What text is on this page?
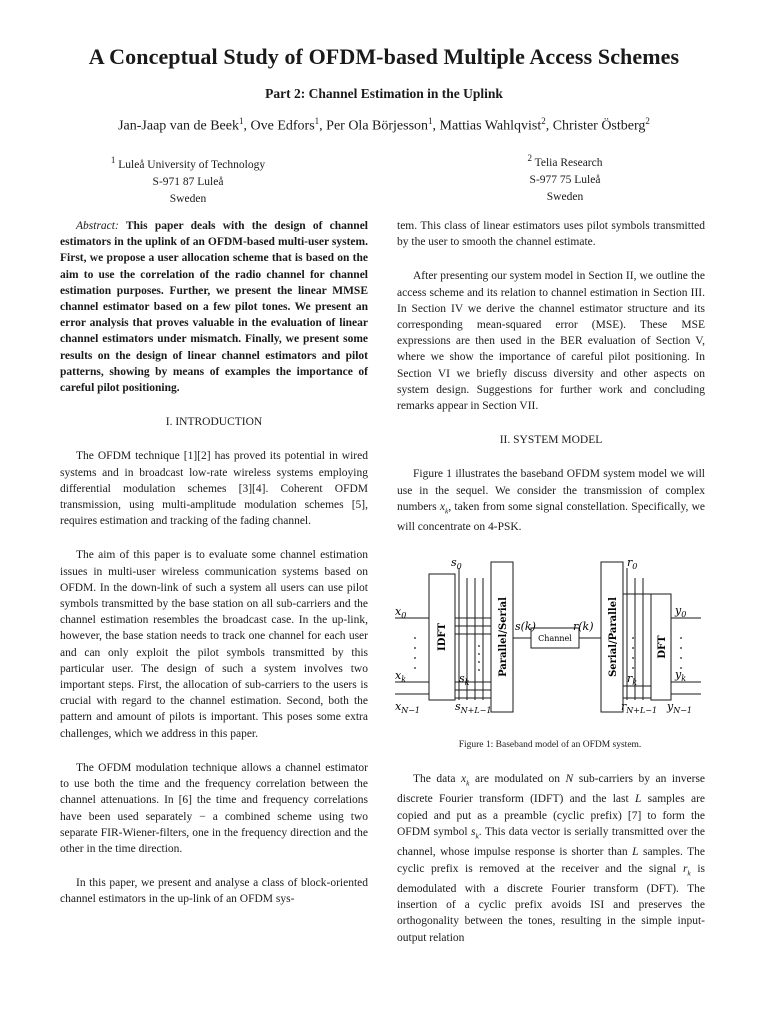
A Conceptual Study of OFDM-based Multiple Access Schemes
Part 2: Channel Estimation in the Uplink
Jan-Jaap van de Beek$^1$, Ove Edfors$^1$, Per Ola Börjesson$^1$, Mattias Wahlqvist$^2$, Christer Östberg$^2$
$^1$ Luleå University of Technology
S-971 87 Luleå
Sweden
$^2$ Telia Research
S-977 75 Luleå
Sweden

Abstract: This paper deals with the design of channel estimators in the uplink of an OFDM-based multi-user system. First, we propose a user allocation scheme that is based on the aim to use the correlation of the radio channel for channel estimation purposes. Further, we present the linear MMSE channel estimator based on a few pilot tones. We present an error analysis that proves valuable in the evaluation of linear channel estimators under mismatch. Finally, we present some results on the design of linear channel estimators and pilot patterns, showing by means of examples the importance of careful pilot positioning.

I. INTRODUCTION

The OFDM technique [1][2] has proved its potential in wired systems and in broadcast low-rate wireless systems employing differential modulation schemes [3][4]. Coherent OFDM transmission, using multi-amplitude modulation schemes [5], requires estimation and tracking of the fading channel.

The aim of this paper is to evaluate some channel estimation issues in multi-user wireless communication systems based on OFDM. In the down-link of such a system all users can use pilot symbols transmitted by the base station on all sub-carriers and the channel estimation resembles the broadcast case. In the up-link, however, the base station needs to track one channel for each user and can only exploit the pilot symbols transmitted by this particular user. The design of such a system involves two important steps. First, the allocation of sub-carriers to the users is crucial with regard to the channel estimation. Second, both the pattern and amount of pilots is important. This poses some extra challenges, which we address in this paper.

The OFDM modulation technique allows a channel estimator to use both the time and the frequency correlation between the channel attenuations. In [6] the time and frequency correlations have been used separately − a combined scheme using two separate FIR-Wiener-filters, one in the frequency direction and the other in the time direction.

In this paper, we present and analyse a class of block-oriented channel estimators in the up-link of an OFDM sys-

tem. This class of linear estimators uses pilot symbols transmitted by the user to smooth the channel estimate.

After presenting our system model in Section II, we outline the access scheme and its relation to channel estimation in Section III. In Section IV we derive the channel estimator structure and its corresponding mean-squared error (MSE). These MSE expressions are then used in the BER evaluation of Section V, where we show the importance of careful pilot positioning. In Section VI we briefly discuss diversity and other aspects on system design. Suggestions for further work and concluding remarks appear in Section VII.

II. SYSTEM MODEL

Figure 1 illustrates the baseband OFDM system model we will use in the sequel. We consider the transmission of complex numbers $x_k$, taken from some signal constellation. Specifically, we will concentrate on 4-PSK.

IDFT	Parallel/Serial	Channel	Serial/Parallel	DFT
s(k)	r(k)
$x_0$
$x_k$
$x_{N-1}$
$s_0$
$s_k$
$s_{N+L-1}$
$r_0$
$r_k$
$r_{N+L-1}$
$y_0$
$y_k$
$y_{N-1}$
Figure 1: Baseband model of an OFDM system.

The data $x_k$ are modulated on N sub-carriers by an inverse discrete Fourier transform (IDFT) and the last L samples are copied and put as a preamble (cyclic prefix) [7] to form the OFDM symbol $s_k$. This data vector is serially transmitted over the channel, whose impulse response is shorter than L samples. The cyclic prefix is removed at the receiver and the signal $r_k$ is demodulated with a discrete Fourier transform (DFT). The insertion of a cyclic prefix avoids ISI and preserves the orthogonality between the tones, resulting in the simple input-output relation
